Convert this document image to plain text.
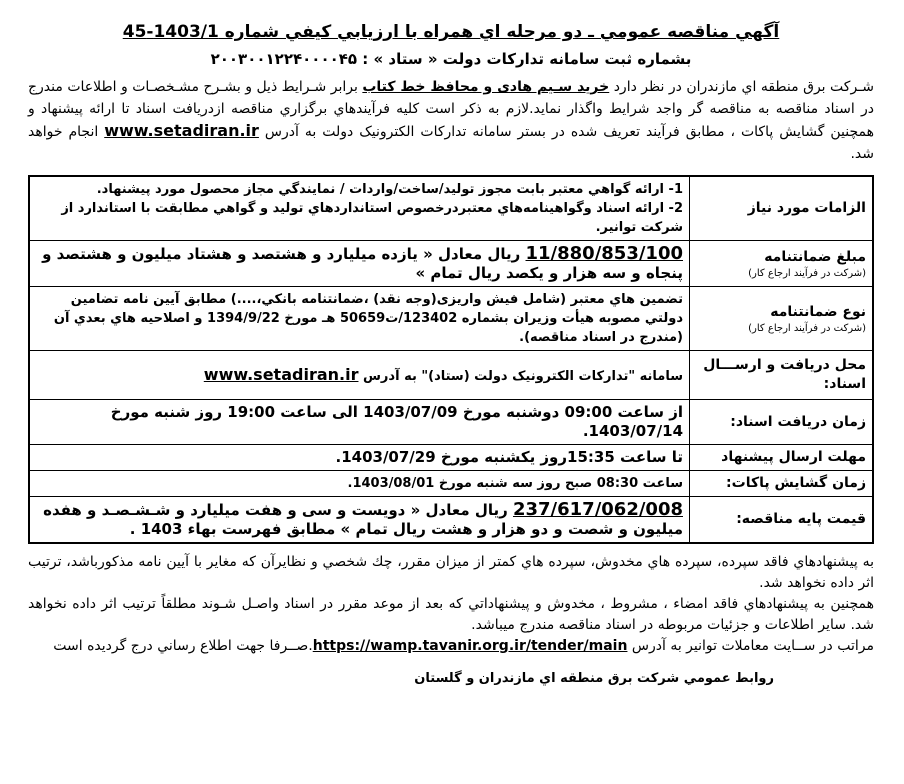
آگهي مناقصه عمومي ـ دو مرحله اي همراه با ارزيابي كيفي شماره 1403/1-45
بشماره ثبت سامانه تدارکات دولت « ستاد » : ۲۰۰۳۰۰۱۲۲۴۰۰۰۰۴۵
شـركت برق منطقه اي مازندران در نظر دارد خريد سـيم هادی و محافظ خط کتاب برابر شـرايط ذيل و بشـرح مشـخصـات و اطلاعات مندرج در اسناد مناقصه به مناقصه گر واجد شرايط واگذار نمايد.لازم به ذکر است کليه فرآيندهاي برگزاري مناقصه ازدريافت اسناد تا ارائه پيشنهاد و همچنين گشايش پاکات ، مطابق فرآيند تعريف شده در بستر سامانه تدارکات الکترونيک دولت به آدرس www.setadiran.ir انجام خواهد شد.
الزامات مورد نياز	1- ارائه گواهي معتبر بابت مجوز توليد/ساخت/واردات / نمايندگي مجاز محصول مورد پيشنهاد.
2- ارائه اسناد وگواهينامه‌هاي معتبردرخصوص استانداردهاي توليد و گواهي مطابقت با استاندارد از شركت توانير.

مبلغ ضمانتنامه
(شرکت در فرآيند ارجاع کار)	11/880/853/100 ريال معادل « يازده ميليارد و هشتصد و هشتاد ميليون و هشتصد و پنجاه و سه هزار و يکصد ريال تمام »
نوع ضمانتنامه
(شرکت در فرآيند ارجاع کار)	تضمين هاي معتبر (شامل فيش واريزی(وجه نقد) ،ضمانتنامه بانكي،....) مطابق آيين نامه تضامين دولتي مصوبه هيأت وزيران بشماره 123402/ت50659 هـ مورخ 1394/9/22 و اصلاحيه هاي بعدي آن (مندرج در اسناد مناقصه).
محل دريافت و ارســـال اسناد:	سامانه "تدارکات الکترونيک دولت (ستاد)" به آدرس www.setadiran.ir
زمان دريافت اسناد:	از ساعت 09:00 دوشنبه مورخ 1403/07/09 الی ساعت 19:00 روز شنبه مورخ 1403/07/14.
مهلت ارسال پيشنهاد	تا ساعت 15:35روز يكشنبه مورخ 1403/07/29.
زمان گشايش پاكات:	ساعت 08:30 صبح روز سه شنبه مورخ 1403/08/01.
قيمت پايه مناقصه:	237/617/062/008 ريال معادل « دويست و سی و هفت ميليارد و شـشـصـد و هفده ميليون و شصت و دو هزار و هشت ريال تمام » مطابق فهرست بهاء 1403 .
به پيشنهادهاي فاقد سپرده، سپرده هاي مخدوش، سپرده هاي كمتر از ميزان مقرر، چك شخصي و نظايرآن كه مغاير با آيين نامه مذكورباشد، ترتيب اثر داده نخواهد شد.
همچنين به پيشنهادهاي فاقد امضاء ، مشروط ، مخدوش و پيشنهاداتي كه بعد از موعد مقرر در اسناد واصـل شـوند مطلقاً ترتيب اثر داده نخواهد شد. ساير اطلاعات و جزئيات مربوطه در اسناد مناقصه مندرج ميباشد.
مراتب در ســايت معاملات توانير به آدرس https://wamp.tavanir.org.ir/tender/main.صــرفا جهت اطلاع رساني درج گرديده است
روابط عمومي شركت برق منطقه اي مازندران و گلستان
